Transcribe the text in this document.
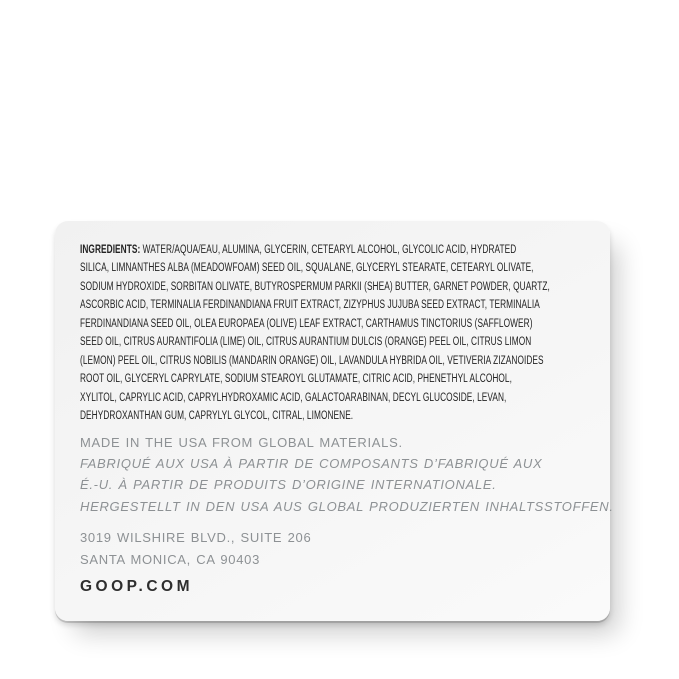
INGREDIENTS: WATER/AQUA/EAU, ALUMINA, GLYCERIN, CETEARYL ALCOHOL, GLYCOLIC ACID, HYDRATED
SILICA, LIMNANTHES ALBA (MEADOWFOAM) SEED OIL, SQUALANE, GLYCERYL STEARATE, CETEARYL OLIVATE,
SODIUM HYDROXIDE, SORBITAN OLIVATE, BUTYROSPERMUM PARKII (SHEA) BUTTER, GARNET POWDER, QUARTZ,
ASCORBIC ACID, TERMINALIA FERDINANDIANA FRUIT EXTRACT, ZIZYPHUS JUJUBA SEED EXTRACT, TERMINALIA
FERDINANDIANA SEED OIL, OLEA EUROPAEA (OLIVE) LEAF EXTRACT, CARTHAMUS TINCTORIUS (SAFFLOWER)
SEED OIL, CITRUS AURANTIFOLIA (LIME) OIL, CITRUS AURANTIUM DULCIS (ORANGE) PEEL OIL, CITRUS LIMON
(LEMON) PEEL OIL, CITRUS NOBILIS (MANDARIN ORANGE) OIL, LAVANDULA HYBRIDA OIL, VETIVERIA ZIZANOIDES
ROOT OIL, GLYCERYL CAPRYLATE, SODIUM STEAROYL GLUTAMATE, CITRIC ACID, PHENETHYL ALCOHOL,
XYLITOL, CAPRYLIC ACID, CAPRYLHYDROXAMIC ACID, GALACTOARABINAN, DECYL GLUCOSIDE, LEVAN,
DEHYDROXANTHAN GUM, CAPRYLYL GLYCOL, CITRAL, LIMONENE.
MADE IN THE USA FROM GLOBAL MATERIALS.
FABRIQUÉ AUX USA À PARTIR DE COMPOSANTS D’FABRIQUÉ AUX
É.-U. À PARTIR DE PRODUITS D’ORIGINE INTERNATIONALE.
HERGESTELLT IN DEN USA AUS GLOBAL PRODUZIERTEN INHALTSSTOFFEN.
3019 WILSHIRE BLVD., SUITE 206
SANTA MONICA, CA 90403
GOOP.COM
